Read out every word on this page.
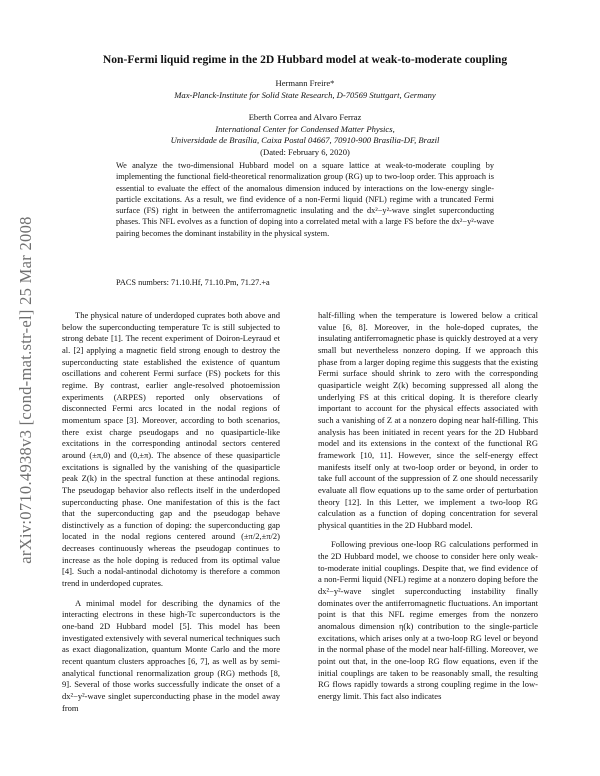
arXiv:0710.4938v3 [cond-mat.str-el] 25 Mar 2008
Non-Fermi liquid regime in the 2D Hubbard model at weak-to-moderate coupling
Hermann Freire*
Max-Planck-Institute for Solid State Research, D-70569 Stuttgart, Germany
Eberth Correa and Alvaro Ferraz
International Center for Condensed Matter Physics,
Universidade de Brasília, Caixa Postal 04667, 70910-900 Brasília-DF, Brazil
(Dated: February 6, 2020)
We analyze the two-dimensional Hubbard model on a square lattice at weak-to-moderate coupling by implementing the functional field-theoretical renormalization group (RG) up to two-loop order. This approach is essential to evaluate the effect of the anomalous dimension induced by interactions on the low-energy single-particle excitations. As a result, we find evidence of a non-Fermi liquid (NFL) regime with a truncated Fermi surface (FS) right in between the antiferromagnetic insulating and the dx²−y²-wave singlet superconducting phases. This NFL evolves as a function of doping into a correlated metal with a large FS before the dx²−y²-wave pairing becomes the dominant instability in the physical system.
PACS numbers: 71.10.Hf, 71.10.Pm, 71.27.+a

The physical nature of underdoped cuprates both above and below the superconducting temperature Tc is still subjected to strong debate [1]. The recent experiment of Doiron-Leyraud et al. [2] applying a magnetic field strong enough to destroy the superconducting state established the existence of quantum oscillations and coherent Fermi surface (FS) pockets for this regime. By contrast, earlier angle-resolved photoemission experiments (ARPES) reported only observations of disconnected Fermi arcs located in the nodal regions of momentum space [3]. Moreover, according to both scenarios, there exist charge pseudogaps and no quasiparticle-like excitations in the corresponding antinodal sectors centered around (±π,0) and (0,±π). The absence of these quasiparticle excitations is signalled by the vanishing of the quasiparticle peak Z(k) in the spectral function at these antinodal regions. The pseudogap behavior also reflects itself in the underdoped superconducting phase. One manifestation of this is the fact that the superconducting gap and the pseudogap behave distinctively as a function of doping: the superconducting gap located in the nodal regions centered around (±π/2,±π/2) decreases continuously whereas the pseudogap continues to increase as the hole doping is reduced from its optimal value [4]. Such a nodal-antinodal dichotomy is therefore a common trend in underdoped cuprates.

A minimal model for describing the dynamics of the interacting electrons in these high-Tc superconductors is the one-band 2D Hubbard model [5]. This model has been investigated extensively with several numerical techniques such as exact diagonalization, quantum Monte Carlo and the more recent quantum clusters approaches [6, 7], as well as by semi-analytical functional renormalization group (RG) methods [8, 9]. Several of those works successfully indicate the onset of a dx²−y²-wave singlet superconducting phase in the model away from

half-filling when the temperature is lowered below a critical value [6, 8]. Moreover, in the hole-doped cuprates, the insulating antiferromagnetic phase is quickly destroyed at a very small but nevertheless nonzero doping. If we approach this phase from a larger doping regime this suggests that the existing Fermi surface should shrink to zero with the corresponding quasiparticle weight Z(k) becoming suppressed all along the underlying FS at this critical doping. It is therefore clearly important to account for the physical effects associated with such a vanishing of Z at a nonzero doping near half-filling. This analysis has been initiated in recent years for the 2D Hubbard model and its extensions in the context of the functional RG framework [10, 11]. However, since the self-energy effect manifests itself only at two-loop order or beyond, in order to take full account of the suppression of Z one should necessarily evaluate all flow equations up to the same order of perturbation theory [12]. In this Letter, we implement a two-loop RG calculation as a function of doping concentration for several physical quantities in the 2D Hubbard model.

Following previous one-loop RG calculations performed in the 2D Hubbard model, we choose to consider here only weak-to-moderate initial couplings. Despite that, we find evidence of a non-Fermi liquid (NFL) regime at a nonzero doping before the dx²−y²-wave singlet superconducting instability finally dominates over the antiferromagnetic fluctuations. An important point is that this NFL regime emerges from the nonzero anomalous dimension η(k) contribution to the single-particle excitations, which arises only at a two-loop RG level or beyond in the normal phase of the model near half-filling. Moreover, we point out that, in the one-loop RG flow equations, even if the initial couplings are taken to be reasonably small, the resulting RG flows rapidly towards a strong coupling regime in the low-energy limit. This fact also indicates
